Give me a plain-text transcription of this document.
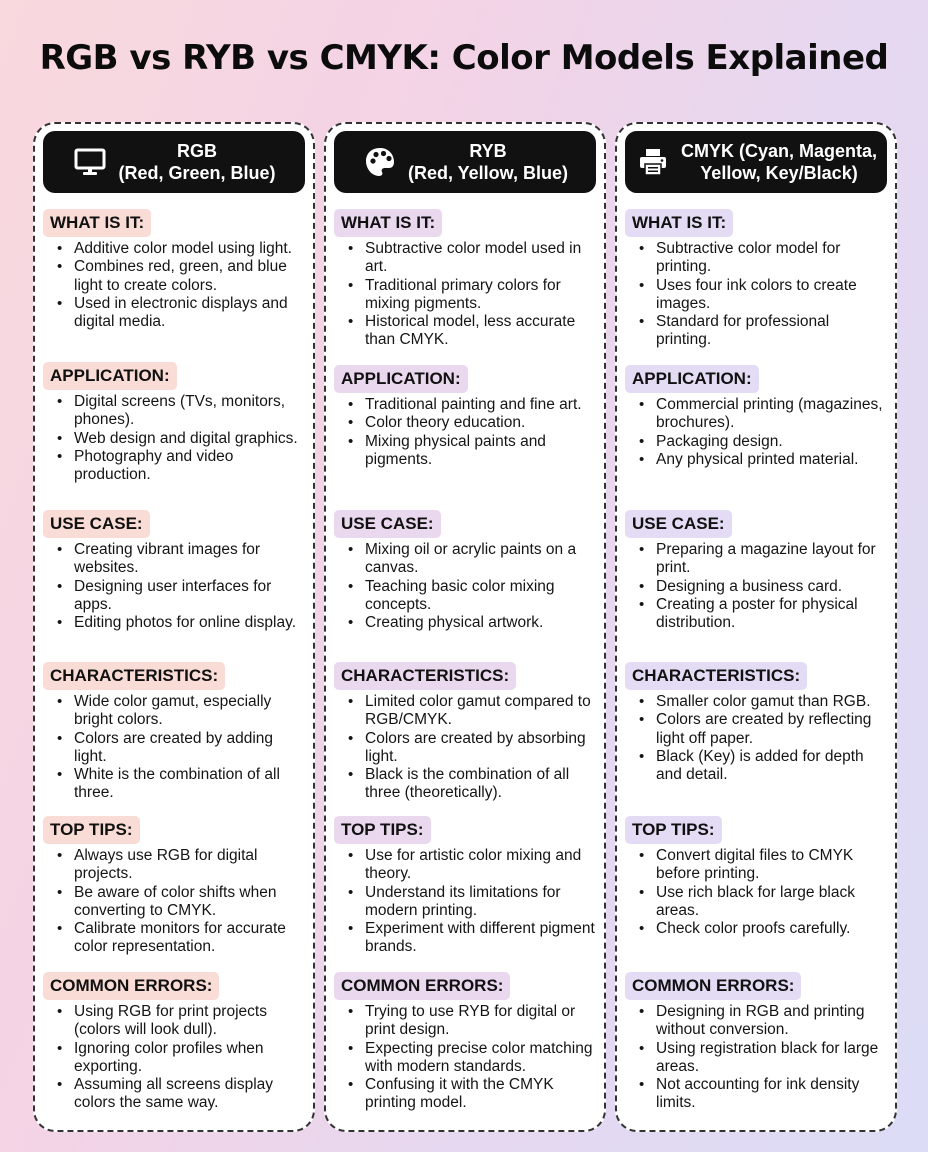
RGB vs RYB vs CMYK: Color Models Explained
RGB
(Red, Green, Blue)
WHAT IS IT:
• Additive color model using light.
• Combines red, green, and blue light to create colors.
• Used in electronic displays and digital media.
APPLICATION:
• Digital screens (TVs, monitors, phones).
• Web design and digital graphics.
• Photography and video production.
USE CASE:
• Creating vibrant images for websites.
• Designing user interfaces for apps.
• Editing photos for online display.
CHARACTERISTICS:
• Wide color gamut, especially bright colors.
• Colors are created by adding light.
• White is the combination of all three.
TOP TIPS:
• Always use RGB for digital projects.
• Be aware of color shifts when converting to CMYK.
• Calibrate monitors for accurate color representation.
COMMON ERRORS:
• Using RGB for print projects (colors will look dull).
• Ignoring color profiles when exporting.
• Assuming all screens display colors the same way.
RYB
(Red, Yellow, Blue)
WHAT IS IT:
• Subtractive color model used in art.
• Traditional primary colors for mixing pigments.
• Historical model, less accurate than CMYK.
APPLICATION:
• Traditional painting and fine art.
• Color theory education.
• Mixing physical paints and pigments.
USE CASE:
• Mixing oil or acrylic paints on a canvas.
• Teaching basic color mixing concepts.
• Creating physical artwork.
CHARACTERISTICS:
• Limited color gamut compared to RGB/CMYK.
• Colors are created by absorbing light.
• Black is the combination of all three (theoretically).
TOP TIPS:
• Use for artistic color mixing and theory.
• Understand its limitations for modern printing.
• Experiment with different pigment brands.
COMMON ERRORS:
• Trying to use RYB for digital or print design.
• Expecting precise color matching with modern standards.
• Confusing it with the CMYK printing model.
CMYK (Cyan, Magenta,
Yellow, Key/Black)
WHAT IS IT:
• Subtractive color model for printing.
• Uses four ink colors to create images.
• Standard for professional printing.
APPLICATION:
• Commercial printing (magazines, brochures).
• Packaging design.
• Any physical printed material.
USE CASE:
• Preparing a magazine layout for print.
• Designing a business card.
• Creating a poster for physical distribution.
CHARACTERISTICS:
• Smaller color gamut than RGB.
• Colors are created by reflecting light off paper.
• Black (Key) is added for depth and detail.
TOP TIPS:
• Convert digital files to CMYK before printing.
• Use rich black for large black areas.
• Check color proofs carefully.
COMMON ERRORS:
• Designing in RGB and printing without conversion.
• Using registration black for large areas.
• Not accounting for ink density limits.
